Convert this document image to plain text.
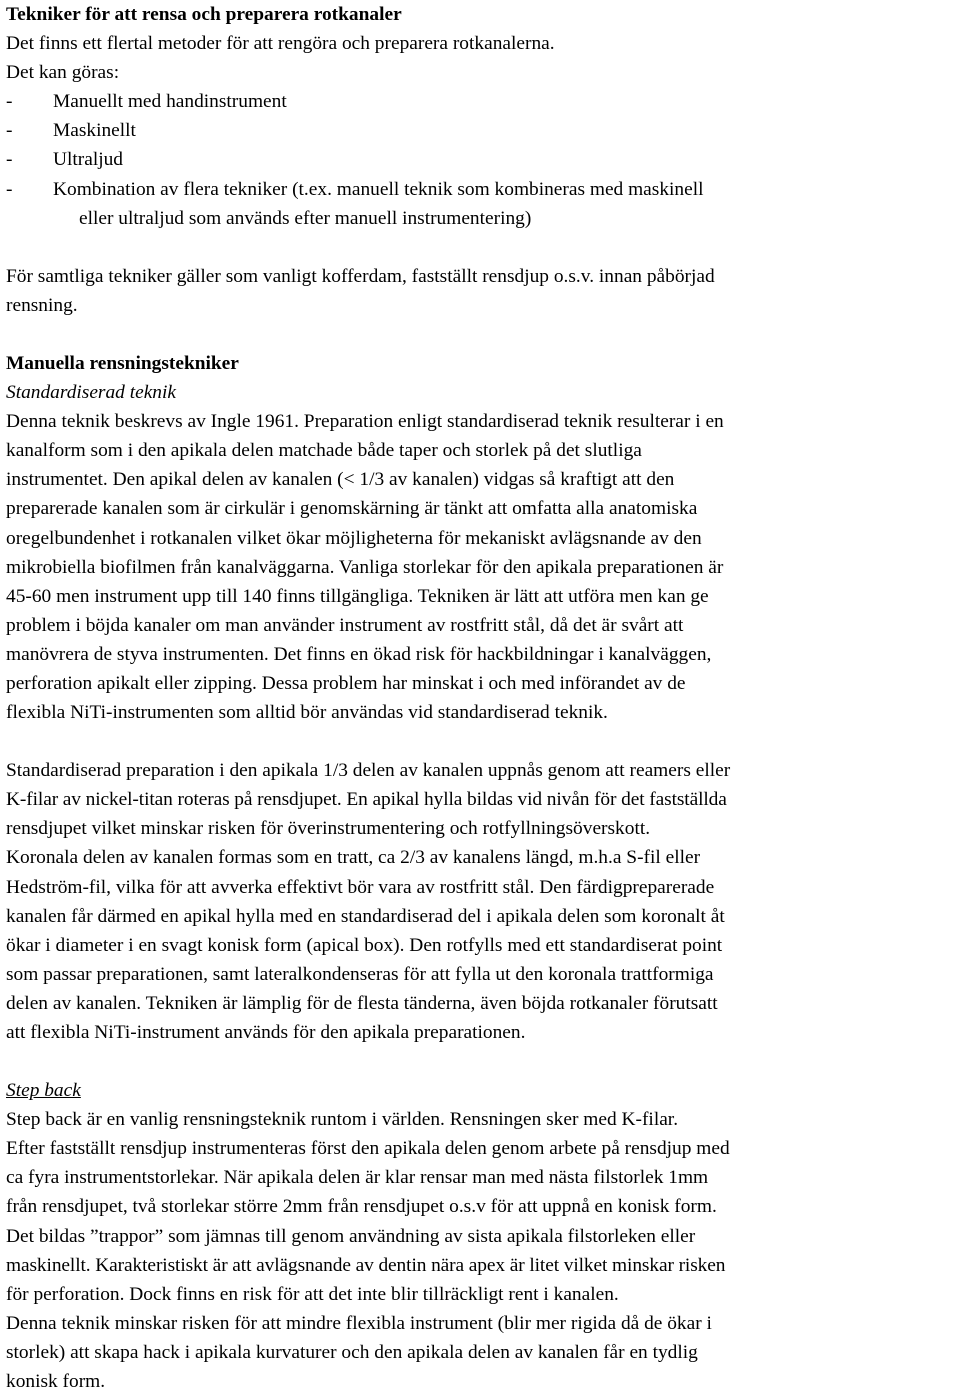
Tekniker för att rensa och preparera rotkanaler
Det finns ett flertal metoder för att rengöra och preparera rotkanalerna.
Det kan göras:
- Manuellt med handinstrument
- Maskinellt
- Ultraljud
- Kombination av flera tekniker (t.ex. manuell teknik som kombineras med maskinell
eller ultraljud som används efter manuell instrumentering)
För samtliga tekniker gäller som vanligt kofferdam, fastställt rensdjup o.s.v. innan påbörjad
rensning.
Manuella rensningstekniker
Standardiserad teknik
Denna teknik beskrevs av Ingle 1961. Preparation enligt standardiserad teknik resulterar i en
kanalform som i den apikala delen matchade både taper och storlek på det slutliga
instrumentet. Den apikal delen av kanalen (< 1/3 av kanalen) vidgas så kraftigt att den
preparerade kanalen som är cirkulär i genomskärning är tänkt att omfatta alla anatomiska
oregelbundenhet i rotkanalen vilket ökar möjligheterna för mekaniskt avlägsnande av den
mikrobiella biofilmen från kanalväggarna. Vanliga storlekar för den apikala preparationen är
45-60 men instrument upp till 140 finns tillgängliga. Tekniken är lätt att utföra men kan ge
problem i böjda kanaler om man använder instrument av rostfritt stål, då det är svårt att
manövrera de styva instrumenten. Det finns en ökad risk för hackbildningar i kanalväggen,
perforation apikalt eller zipping. Dessa problem har minskat i och med införandet av de
flexibla NiTi-instrumenten som alltid bör användas vid standardiserad teknik.
Standardiserad preparation i den apikala 1/3 delen av kanalen uppnås genom att reamers eller
K-filar av nickel-titan roteras på rensdjupet. En apikal hylla bildas vid nivån för det fastställda
rensdjupet vilket minskar risken för överinstrumentering och rotfyllningsöverskott.
Koronala delen av kanalen formas som en tratt, ca 2/3 av kanalens längd, m.h.a S-fil eller
Hedström-fil, vilka för att avverka effektivt bör vara av rostfritt stål. Den färdigpreparerade
kanalen får därmed en apikal hylla med en standardiserad del i apikala delen som koronalt åt
ökar i diameter i en svagt konisk form (apical box). Den rotfylls med ett standardiserat point
som passar preparationen, samt lateralkondenseras för att fylla ut den koronala trattformiga
delen av kanalen. Tekniken är lämplig för de flesta tänderna, även böjda rotkanaler förutsatt
att flexibla NiTi-instrument används för den apikala preparationen.
Step back
Step back är en vanlig rensningsteknik runtom i världen. Rensningen sker med K-filar.
Efter fastställt rensdjup instrumenteras först den apikala delen genom arbete på rensdjup med
ca fyra instrumentstorlekar. När apikala delen är klar rensar man med nästa filstorlek 1mm
från rensdjupet, två storlekar större 2mm från rensdjupet o.s.v för att uppnå en konisk form.
Det bildas ”trappor” som jämnas till genom användning av sista apikala filstorleken eller
maskinellt. Karakteristiskt är att avlägsnande av dentin nära apex är litet vilket minskar risken
för perforation. Dock finns en risk för att det inte blir tillräckligt rent i kanalen.
Denna teknik minskar risken för att mindre flexibla instrument (blir mer rigida då de ökar i
storlek) att skapa hack i apikala kurvaturer och den apikala delen av kanalen får en tydlig
konisk form.
